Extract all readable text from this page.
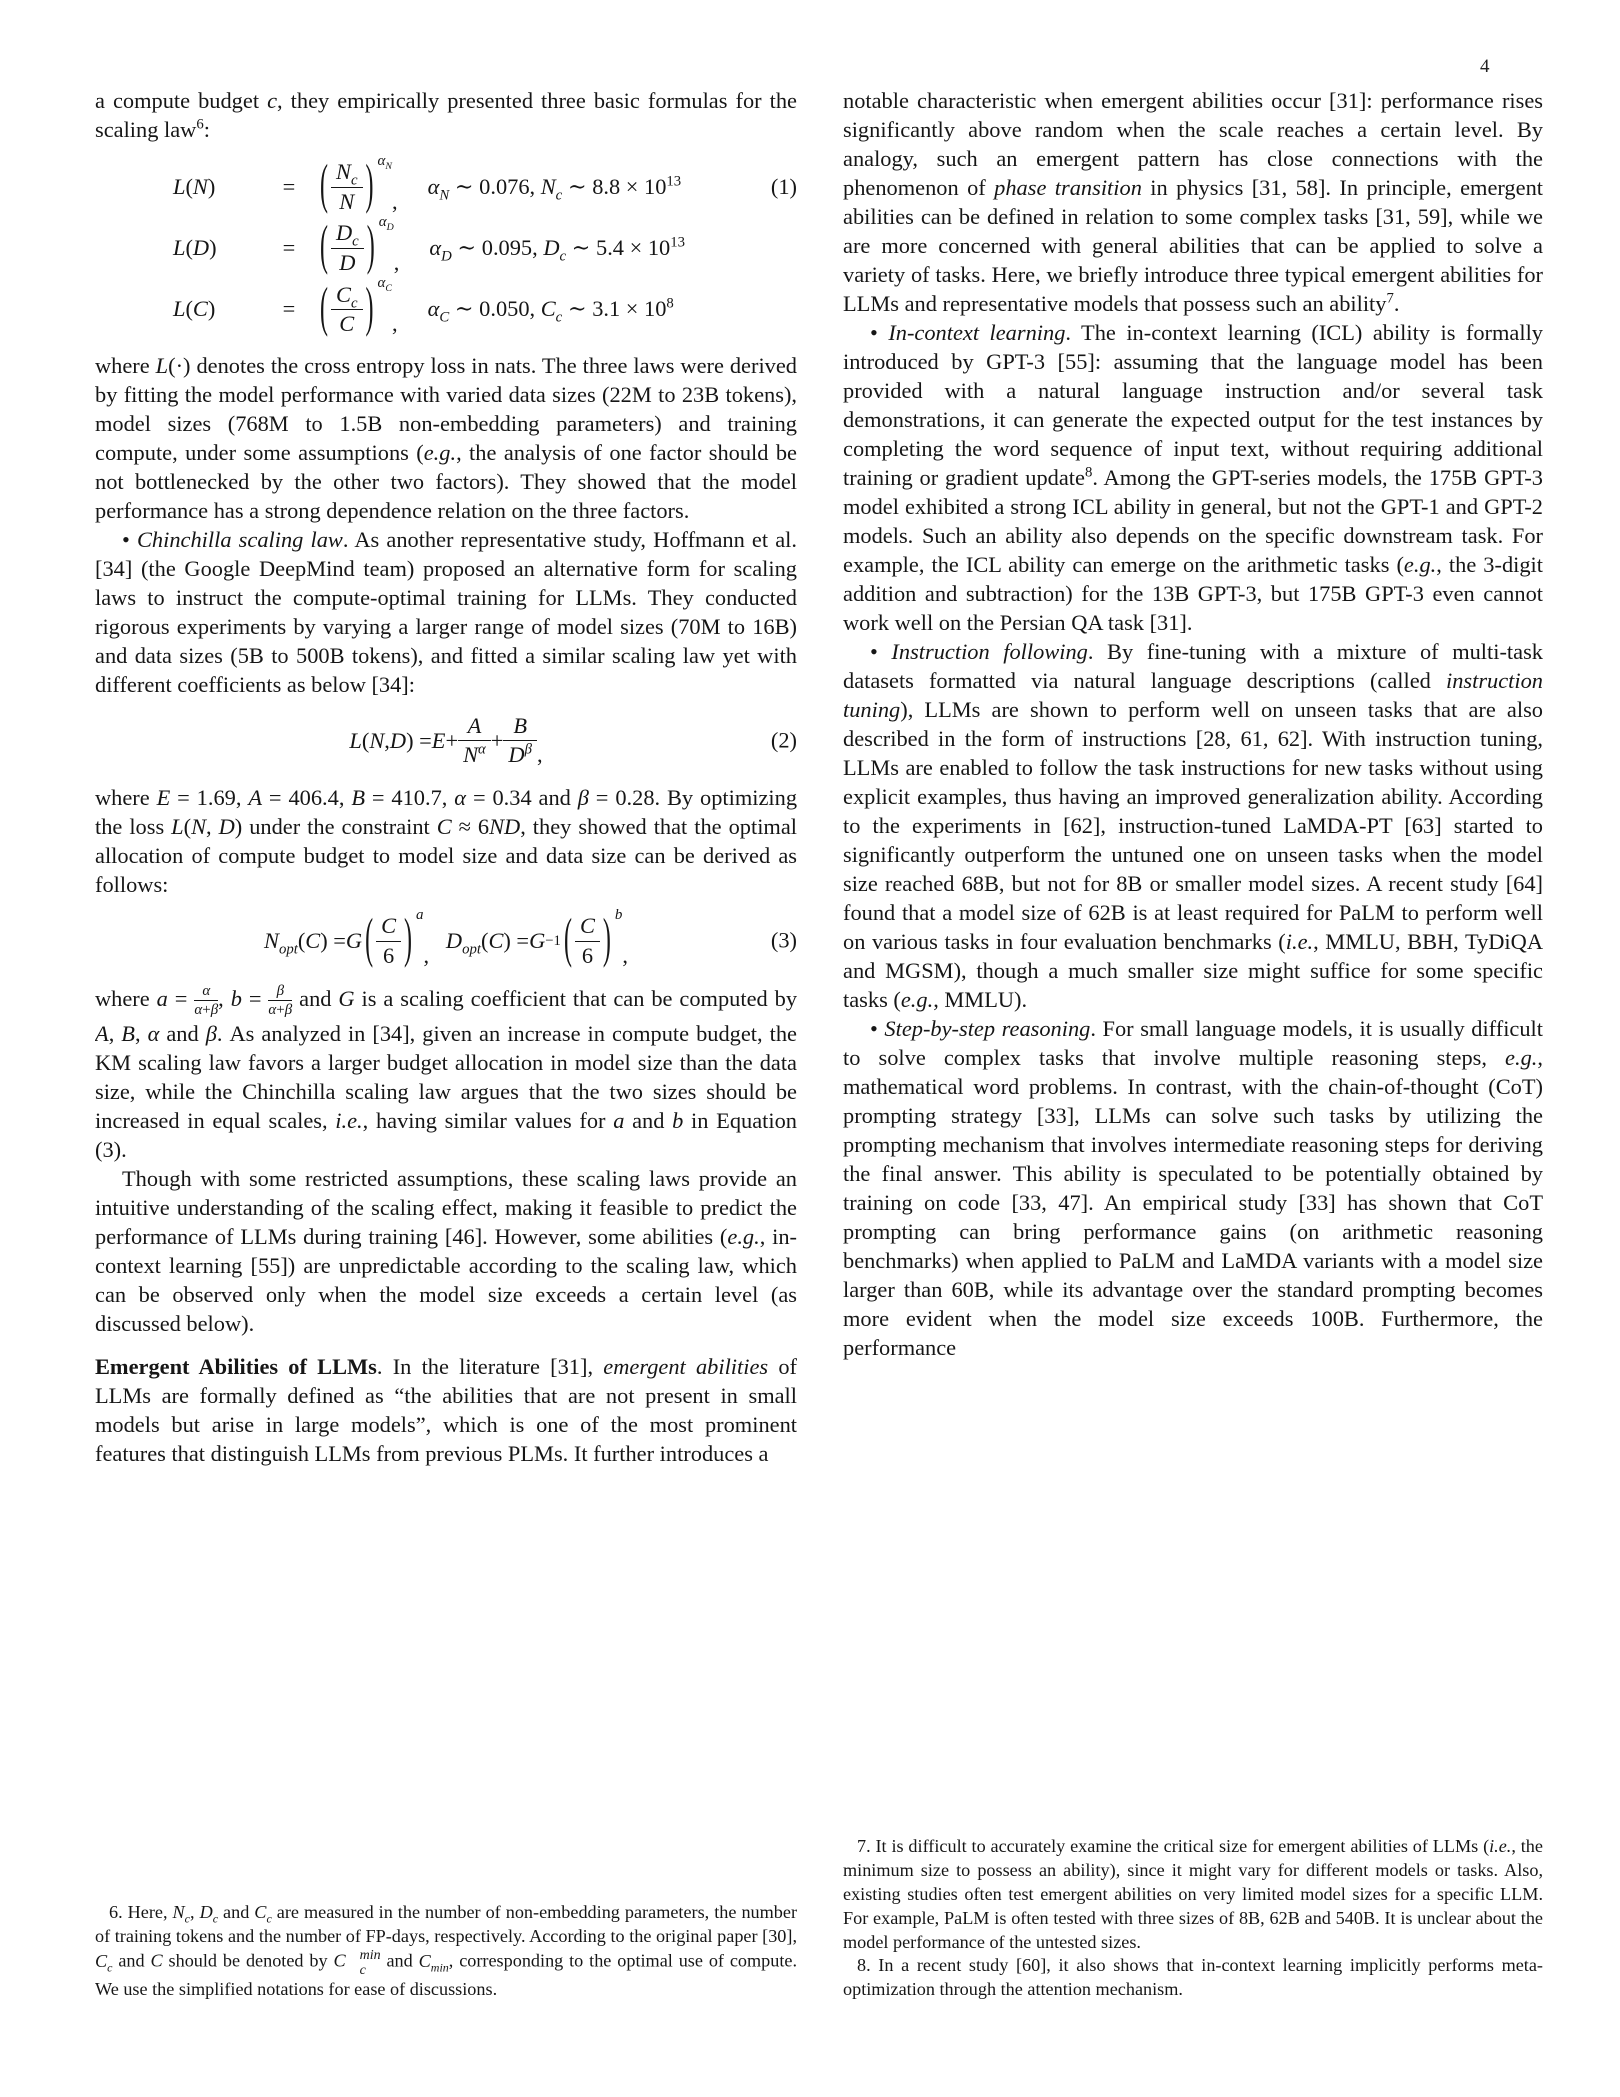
4

a compute budget c, they empirically presented three basic formulas for the scaling law$^6$:

L(N)	=	( $\frac{N_c}{N}$ ) $\alpha_N$
,
$\alpha_N$ ∼ 0.076, $N_c$ ∼ $8.8 \times 10^{13}$	(1)
L(D)	=	( $\frac{D_c}{D}$ ) $\alpha_D$
,
$\alpha_D$ ∼ 0.095, $D_c$ ∼ $5.4 \times 10^{13}$
L(C)	=	( $\frac{C_c}{C}$ ) $\alpha_C$
,
$\alpha_C$ ∼ 0.050, $C_c$ ∼ $3.1 \times 10^8$

where L(·) denotes the cross entropy loss in nats. The three laws were derived by fitting the model performance with varied data sizes (22M to 23B tokens), model sizes (768M to 1.5B non-embedding parameters) and training compute, under some assumptions (e.g., the analysis of one factor should be not bottlenecked by the other two factors). They showed that the model performance has a strong dependence relation on the three factors.

• Chinchilla scaling law. As another representative study, Hoffmann et al. [34] (the Google DeepMind team) proposed an alternative form for scaling laws to instruct the compute-optimal training for LLMs. They conducted rigorous experiments by varying a larger range of model sizes (70M to 16B) and data sizes (5B to 500B tokens), and fitted a similar scaling law yet with different coefficients as below [34]:

L ( N , D ) = $E + \frac{A}{N^\alpha} + \frac{B}{D^\beta}$ ,
(2)

where E = 1.69, A = 406.4, B = 410.7, α = 0.34 and β = 0.28. By optimizing the loss L(N, D) under the constraint C ≈ 6ND, they showed that the optimal allocation of compute budget to model size and data size can be derived as follows:

$N_{opt}$ ( C ) = G ( $\frac{C}{6}$ ) a
,

$D_{opt}$ ( C ) = G −1 ( $\frac{C}{6}$ ) b
,
(3)

where $a = \frac{\alpha}{\alpha+\beta}$ , $b = \frac{\beta}{\alpha+\beta}$ and G is a scaling coefficient that can be computed by A, B, α and β. As analyzed in [34], given an increase in compute budget, the KM scaling law favors a larger budget allocation in model size than the data size, while the Chinchilla scaling law argues that the two sizes should be increased in equal scales, i.e., having similar values for a and b in Equation (3).

Though with some restricted assumptions, these scaling laws provide an intuitive understanding of the scaling effect, making it feasible to predict the performance of LLMs during training [46]. However, some abilities (e.g., in-context learning [55]) are unpredictable according to the scaling law, which can be observed only when the model size exceeds a certain level (as discussed below).

Emergent Abilities of LLMs. In the literature [31], emergent abilities of LLMs are formally defined as “the abilities that are not present in small models but arise in large models”, which is one of the most prominent features that distinguish LLMs from previous PLMs. It further introduces a

6. Here, $N_c$, $D_c$ and $C_c$ are measured in the number of non-embedding parameters, the number of training tokens and the number of FP-days, respectively. According to the original paper [30], $C_c$ and C should be denoted by C	min
c and $C_{min}$, corresponding to the optimal use of compute. We use the simplified notations for ease of discussions.

notable characteristic when emergent abilities occur [31]: performance rises significantly above random when the scale reaches a certain level. By analogy, such an emergent pattern has close connections with the phenomenon of phase transition in physics [31, 58]. In principle, emergent abilities can be defined in relation to some complex tasks [31, 59], while we are more concerned with general abilities that can be applied to solve a variety of tasks. Here, we briefly introduce three typical emergent abilities for LLMs and representative models that possess such an ability$^7$.

• In-context learning. The in-context learning (ICL) ability is formally introduced by GPT-3 [55]: assuming that the language model has been provided with a natural language instruction and/or several task demonstrations, it can generate the expected output for the test instances by completing the word sequence of input text, without requiring additional training or gradient update$^8$. Among the GPT-series models, the 175B GPT-3 model exhibited a strong ICL ability in general, but not the GPT-1 and GPT-2 models. Such an ability also depends on the specific downstream task. For example, the ICL ability can emerge on the arithmetic tasks (e.g., the 3-digit addition and subtraction) for the 13B GPT-3, but 175B GPT-3 even cannot work well on the Persian QA task [31].

• Instruction following. By fine-tuning with a mixture of multi-task datasets formatted via natural language descriptions (called instruction tuning), LLMs are shown to perform well on unseen tasks that are also described in the form of instructions [28, 61, 62]. With instruction tuning, LLMs are enabled to follow the task instructions for new tasks without using explicit examples, thus having an improved generalization ability. According to the experiments in [62], instruction-tuned LaMDA-PT [63] started to significantly outperform the untuned one on unseen tasks when the model size reached 68B, but not for 8B or smaller model sizes. A recent study [64] found that a model size of 62B is at least required for PaLM to perform well on various tasks in four evaluation benchmarks (i.e., MMLU, BBH, TyDiQA and MGSM), though a much smaller size might suffice for some specific tasks (e.g., MMLU).

• Step-by-step reasoning. For small language models, it is usually difficult to solve complex tasks that involve multiple reasoning steps, e.g., mathematical word problems. In contrast, with the chain-of-thought (CoT) prompting strategy [33], LLMs can solve such tasks by utilizing the prompting mechanism that involves intermediate reasoning steps for deriving the final answer. This ability is speculated to be potentially obtained by training on code [33, 47]. An empirical study [33] has shown that CoT prompting can bring performance gains (on arithmetic reasoning benchmarks) when applied to PaLM and LaMDA variants with a model size larger than 60B, while its advantage over the standard prompting becomes more evident when the model size exceeds 100B. Furthermore, the performance

7. It is difficult to accurately examine the critical size for emergent abilities of LLMs (i.e., the minimum size to possess an ability), since it might vary for different models or tasks. Also, existing studies often test emergent abilities on very limited model sizes for a specific LLM. For example, PaLM is often tested with three sizes of 8B, 62B and 540B. It is unclear about the model performance of the untested sizes.

8. In a recent study [60], it also shows that in-context learning implicitly performs meta-optimization through the attention mechanism.
